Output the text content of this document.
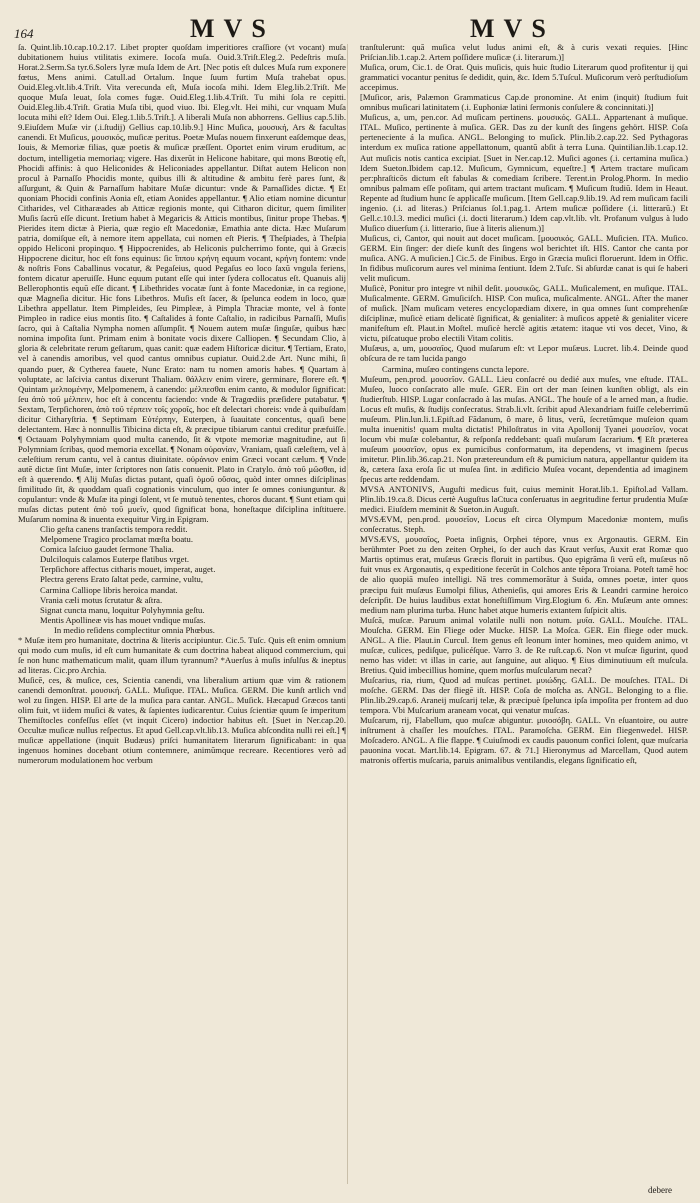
164	MVS	MVS

ſa. Quint.lib.10.cap.10.2.17. Libet propter quoſdam imperitiores craſſiore (vt vocant) muſa dubitationem huius vtilitatis eximere. Iocoſa muſa. Ouid.3.Triſt.Eleg.2. Pedeſtris muſa. Horat.2.Serm.Sa tyr.6.Solers lyræ muſa Idem de Art. [Nec potis eſt dulces Muſa rum exponere fœtus, Mens animi. Catull.ad Ortalum. Inque ſuum furtim Muſa trahebat opus. Ouid.Eleg.vlt.lib.4.Triſt. Vita verecunda eſt, Muſa iocoſa mihi. Idem Eleg.lib.2.Triſt. Me quoque Muſa leuat, ſola comes fugæ. Ouid.Eleg.1.lib.4.Triſt. Tu mihi ſola re cepitti. Ouid.Eleg.lib.4.Triſt. Gratia Muſa tibi, quod viuo. Ibi. Eleg.vlt. Hei mihi, cur vnquam Muſa locuta mihi eſt? Idem Oui. Eleg.1.lib.5.Triſt.]. A liberali Muſa non abhorrens. Gellius cap.5.lib. 9.Eiuſdem Muſæ vir (.i.ſtudij) Gellius cap.10.lib.9.] Hinc Muſica, μουσική, Ars & facultas canendi. Et Muſicus, μουσικός, muſicæ peritus. Poetæ Muſas nouem finxerunt eaſdemque deas, Iouis, & Memoriæ filias, quæ poetis & muſicæ præſſent. Oportet enim virum eruditum, ac doctum, intelligetia memoriaq; vigere. Has dixerūt in Helicone habitare, qui mons Bœotię eſt, Phocidi affinis: à quo Heliconides & Heliconiades appellantur. Diſtat autem Helicon non procul à Parnaſſo Phocidis monte, quibus illi & altitudine & ambitu ferè pares ſunt, & aſſurgunt, & Quin & Parnaſſum habitare Muſæ dicuntur: vnde & Parnaſſides dictæ. ¶ Et quoniam Phocidi confinis Aonia eſt, etiam Aonides appellantur. ¶ Alio etiam nomine dicuntur Citharides, vel Citharæades ab Atticæ regionis monte, qui Citharon dicitur, quem ſimiliter Muſis ſacrū eſſe dicunt. Iretium habet à Megaricis & Atticis montibus, ſinitur prope Thebas. ¶ Pierides item dictæ à Pieria, quæ regio eſt Macedoniæ, Emathia ante dicta. Hæc Muſarum patria, domiſque eſt, à nemore item appellata, cui nomen eſt Pieris. ¶ Theſpiades, à Theſpia oppido Heliconi propinquo. ¶ Hippocrenides, ab Heliconis pulcherrimo fonte, qui à Græcis Hippocrene dicitur, hoc eſt fons equinus: ſic ἵππου κρήνη equum vocant, κρήνη fontem: vnde & noſtris Fons Caballinus vocatur, & Pegaſeius, quod Pegaſus eo loco ſaxū vngula feriens, fontem dicatur aperuiſſe. Hunc equum putant eſſe qui inter ſydera collocatus eſt. Quanuis alij Bellerophontis equū eſſe dicant. ¶ Libethrides vocatæ ſunt à fonte Macedoniæ, in ca regione, quæ Magneſia dicitur. Hic fons Libethros. Muſis eſt ſacer, & ſpelunca eodem in loco, quæ Libethra appellatur. Item Pimpleides, ſeu Pimpleæ, à Pimpla Thraciæ monte, vel à fonte Pimpleo in radice eius montis ſito. ¶ Caſtalides à fonte Caſtalio, in radicibus Parnaſſi, Muſis ſacro, qui à Caſtalia Nympha nomen aſſumpſit. ¶ Nouem autem muſæ ſinguſæ, quibus hæc nomina impoſita ſunt. Primam enim à bonitate vocis dixere Calliopen. ¶ Secundam Clio, à gloria & celebritate rerum geſtarum, quas canit: quæ eadem Hiſtoricæ dicitur. ¶ Tertiam, Erato, vel à canendis amoribus, vel quod cantus omnibus cupiatur. Ouid.2.de Art. Nunc mihi, ſi quando puer, & Cytherea fauete, Nunc Erato: nam tu nomen amoris habes. ¶ Quartam à voluptate, ac laſcivia cantus dixerunt Thaliam. θάλλειν enim virere, germinare, florere eſt. ¶ Quintam μελπομένην, Melpomenem, à canendo: μέλπεσθαι enim canto, & modulor ſignificat: ſeu ἀπὸ τοῦ μέλπειν, hoc eſt à concentu faciendo: vnde & Tragœdiis præſidere putabatur. ¶ Sextam, Terpſichoren, ἀπὸ τοῦ τέρπειν τοῖς χοροῖς, hoc eſt delectari choreis: vnde à quibuſdam dicitur Citharyſtria. ¶ Septimam Εὐτέρπην, Euterpen, à ſuauitate concentus, quaſi bene delectantem. Hæc à nonnullis Tibicina dicta eſt, & præcipue tibiarum cantui creditur præfuiſſe. ¶ Octauam Polyhymniam quod multa canendo, ſit & vtpote memoriæ magnitudine, aut ſi Polymniam ſcribas, quod memoria excellat. ¶ Nonam οὐρανίαν, Vraniam, quaſi cæleſtem, vel à cæleſtium rerum cantu, vel à cantus diuinitate. οὐράνιον enim Græci vocant cælum. ¶ Vnde autē dictæ ſint Muſæ, inter ſcriptores non ſatis conuenit. Plato in Cratylo. ἀπὸ τοῦ μῶσθαι, id eſt à quærendo. ¶ Alij Muſas dictas putant, quaſi ὁμοῦ οὔσας, quòd inter omnes diſciplinas ſimilitudo ſit, & quoddam quaſi cognationis vinculum, quo inter ſe omnes coniunguntur. & copulantur: vnde & Muſæ ita pingi ſolent, vt ſe mutuò tenentes, choros ducant. ¶ Sunt etiam qui muſas dictas putent ἀπὸ τοῦ μυεῖν, quod ſignificat bona, honeſtaque diſciplina inſtituere. Muſarum nomina & inuenta exequitur Virg.in Epigram.

Clio geſta canens tranſactis tempora reddit.

Melpomene Tragico proclamat mœſta boatu.

Comica laſciuo gaudet ſermone Thalia.

Dulciloquis calamos Euterpe flatibus vrget.

Terpſichore affectus citharis mouet, imperat, auget.

Plectra gerens Erato ſaltat pede, carmine, vultu,

Carmina Calliope libris heroica mandat.

Vrania cæli motus ſcrutatur & aſtra.

Signat cuncta manu, loquitur Polyhymnia geſtu.

Mentis Apollineæ vis has mouet vndique muſas.

In medio reſidens complectitur omnia Phœbus.

* Muſæ item pro humanitate, doctrina & literis accipiuntur. Cic.5. Tuſc. Quis eſt enim omnium qui modo cum muſis, id eſt cum humanitate & cum doctrina habeat aliquod commercium, qui ſe non hunc mathematicum malit, quam illum tyrannum? *Auerſus à muſis inſulſus & ineptus ad literas. Cic.pro Archia.

Muſicē, ces, & muſice, ces, Scientia canendi, vna liberalium artium quæ vim & rationem canendi demonſtrat. μουσική. GALL. Muſique. ITAL. Muſica. GERM. Die kunſt artlich vnd wol zu ſingen. HISP. El arte de la muſica para cantar. ANGL. Muſick. Hæcapud Græcos tanti olim fuit, vt iidem muſici & vates, & ſapientes iudicarentur. Cuius ſcientiæ quum ſe imperitum Themiſtocles confeſſus eſſet (vt inquit Cicero) indoctior habitus eſt. [Suet in Ner.cap.20. Occultæ muſicæ nullus reſpectus. Et apud Gell.cap.vlt.lib.13. Muſica abſcondita nulli rei eſt.] ¶ muſicæ appellatione (inquit Budæus) priſci humanitatem literarum ſignificabant: in qua ingenuos homines docebant otium contemnere, animūmque recreare. Recentiores verò ad numerorum modulationem hoc verbum

tranſtulerunt: quā muſica velut ludus animi eſt, & à curis vexati requies. [Hinc Priſcian.lib.1.cap.2. Artem poſſidere muſicæ (.i. literarum.)]

Muſica, orum, Cic.1. de Orat. Quis muſicis, quis huic ſtudio Literarum quod profitentur ij qui grammatici vocantur penitus ſe dedidit, quin, &c. Idem 5.Tuſcul. Muſicorum verò perſtudioſum accepimus.

[Muſicor, aris, Palæmon Grammaticus Cap.de pronomine. At enim (inquit) ſtudium fuit omnibus muſicari latinitatem (.i. Euphoniæ latini ſermonis conſulere & concinnitati.)]

Muſicus, a, um, pen.cor. Ad muſicam pertinens. μουσικός. GALL. Appartenant à muſique. ITAL. Muſico, pertinente à muſica. GER. Das zu der kunſt des ſingens gehört. HISP. Coſa perteneciente á la muſica. ANGL. Belonging to muſick. Plin.lib.2.cap.22. Sed Pythagoras interdum ex muſica ratione appellattonum, quantū abſit à terra Luna. Quintilian.lib.1.cap.12. Aut muſicis notis cantica excipiat. [Suet in Ner.cap.12. Muſici agones (.i. certamina muſica.) Idem Sueton.Ibidem cap.12. Muſicum, Gymnicum, equeſtre.] ¶ Artem tractare muſicam per:phraſticōs dictum eſt fabulas & comediam ſcribere. Terent.in Prolog.Phorm. In medio omnibus palmam eſſe poſitam, qui artem tractant muſicam. ¶ Muſicum ſtudiū. Idem in Heaut. Repente ad ſtudium hunc ſe applicaſſe muſicum. [Item Gell.cap.9.lib.19. Ad rem muſicam facili ingenio. (.i. ad literas.) Priſcianus ſol.1.pag.1. Artem muſicæ poſſidere (.i. litterarū.) Et Gell.c.10.l.3. medici muſici (.i. docti literarum.) Idem cap.vlt.lib. vlt. Profanum vulgus à ludo Muſico diuerſum (.i. litterario, ſiue à literis alienum.)]

Muſicus, ci, Cantor, qui nouit aut docet muſicam. [μουσικός. GALL. Muſicien. ITA. Muſico. GERM. Ein ſinger: der dieſe kunſt des ſingens wol berichtet iſt. HIS. Cantor che canta por muſica. ANG. A muſicien.] Cic.5. de Finibus. Ergo in Græcia muſici floruerunt. Idem in Offic. In fidibus muſicorum aures vel minima ſentiunt. Idem 2.Tuſc. Si abſurdæ canat is qui ſe haberi velit muſicum.

Muſicè, Ponitur pro integre vt nihil deſit. μουσικῶς. GALL. Muſicalement, en muſique. ITAL. Muſicalmente. GERM. Gmuſiciſch. HISP. Con muſica, muſicalmente. ANGL. After the maner of muſick. ]Nam muſicam veteres encyclopædiam dixere, in qua omnes ſunt comprehenſæ diſciplinæ, muſicè etiam delicatè ſignificat, & genialiter: à muſicos appetè & genialiter vicere manifeſtum eſt. Plaut.in Moſtel. muſicè herclè agitis ætatem: itaque vti vos decet, Vino, & victu, piſcatuque probo electili Vitam colitis.

Muſæus, a, um, μουσαῖος, Quod muſarum eſt: vt Lepor muſæus. Lucret. lib.4. Deinde quod obſcura de re tam lucida pango

Carmina, muſæo contingens cuncta lepore.

Muſeum, pen.prod. μουσεῖον. GALL. Lieu conſacré ou dedié aux muſes, vne eſtude. ITAL. Muſeo, luoco conſacrato alle muſe. GER. Ein ort der man ſeinen kunſten obligt, als ein ſtudierſtub. HISP. Lugar conſacrado à las muſas. ANGL. The houſe of a le arned man, a ſtudie. Locus eſt muſis, & ſtudijs conſecratus. Strab.li.vlt. ſcribit apud Alexandriam fuiſſe celeberrimū muſeum. Plin.lun.li.1.Epiſt.ad Fādanum, ô mare, ô litus, verū, ſecretūmque muſeion quam multa inuenitis! quam multa dictatis! Philoſtratus in vita Apollonij Tyanei μουσεῖον, vocat locum vbi muſæ colebantur, & reſponſa reddebant: quaſi muſarum ſacrarium. ¶ Eſt præterea muſeum μουσεῖον, opus ex pumicibus conformatum, ita dependens, vt imaginem ſpecus imitetur. Plin.lib.36.cap.21. Non prætereundum eſt & pumicium natura, appellantur quidem ita &, cætera ſaxa eroſa ſic ut muſea ſint. in ædificio Muſea vocant, dependentia ad imaginem ſpecus arte reddendam.

MVSA ANTONIVS, Auguſti medicus fuit, cuius meminit Horat.lib.1. Epiſtol.ad Vallam. Plin.lib.19.ca.8. Dicus certè Auguſtus laCtuca conſeruatus in aegritudine fertur prudentia Muſæ medici. Eiuſdem meminit & Sueton.in Auguſt.

MVSÆVM, pen.prod. μουσεῖον, Locus eſt circa Olympum Macedoniæ montem, muſis conſecratus. Steph.

MVSÆVS, μουσαῖος, Poeta inſignis, Orphei tépore, vnus ex Argonautis. GERM. Ein berühmter Poet zu den zeiten Orphei, ſo der auch das Kraut verſus, Auxit erat Romæ quo Martis optimus erat, muſæus Græcis floruit in partibus. Quo epigrāma ſi verū eſt, muſæus nō fuit vnus ex Argonautis, q expeditione fecerūt in Colchos ante têpora Troiana. Poteſt tamē hoc de alio quopiā muſeo intelligi. Nā tres commemorātur à Suida, omnes poetæ, inter quos præcipu fuit muſæus Eumolpi filius, Athenieſis, qui amores Eris & Leandri carmine heroico deſcripſit. De huius laudibus extat honeſtiſſimum Virg.Elogium 6. Æn. Muſæum ante omnes: medium nam plurima turba. Hunc habet atque humeris extantem ſuſpicit altis.

Muſcā, muſcæ. Paruum animal volatile nulli non notum. μυῖα. GALL. Mouſche. ITAL. Mouſcha. GERM. Ein Fliege oder Mucke. HISP. La Moſca. GER. Ein fliege oder muck. ANGL. A flie. Plaut.in Curcul. Item genus eſt leonum inter homines, meo quidem animo, vt muſcæ, culices, pediſque, pulicéſque. Varro 3. de Re ruſt.cap.6. Non vt muſcæ ſigurint, quod nemo has videt: vt illas in carie, aut ſanguine, aut aliquo. ¶ Eius diminutiuum eſt muſcula. Bretius. Quid imbecillius homine, quem morſus muſcularum necat?

Muſcarius, ria, rium, Quod ad muſcas pertinet. μυιώδης. GALL. De mouſches. ITAL. Di moſche. GERM. Das der fliegē iſt. HISP. Coſa de moſcha as. ANGL. Belonging to a flie. Plin.lib.29.cap.6. Araneij muſcarij telæ, & præcipuè ſpelunca ipſa impoſita per frontem ad duo tempora. Vbi Muſcarium araneam vocat, qui venatur muſcas.

Muſcarum, rij, Flabellum, quo muſcæ abiguntur. μυιοσόβη. GALL. Vn eſuantoire, ou autre inſtrument à chaſſer les mouſches. ITAL. Paramoſcha. GERM. Ein fliegenwedel. HISP. Moſcadero. ANGL. A flie flappe. ¶ Cuiuſmodi ex caudis pauonum confici ſolent, quæ muſcaria pauonina vocat. Mart.lib.14. Epigram. 67. & 71.] Hieronymus ad Marcellam, Quod autem matronis offertis muſcaria, paruis animalibus ventilandis, elegans ſignificatio eſt,

debere
